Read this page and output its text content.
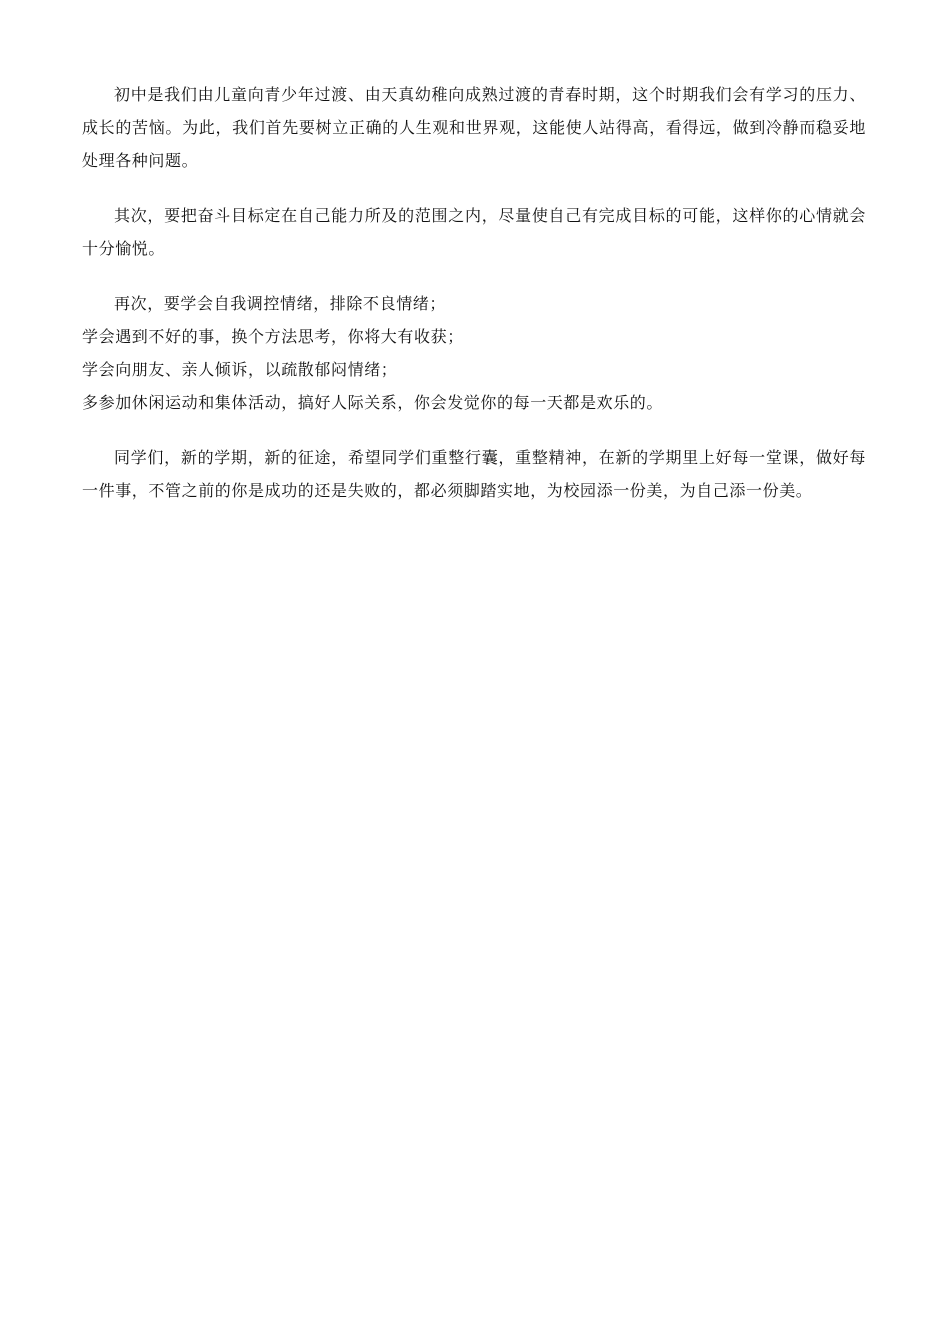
初中是我们由儿童向青少年过渡、由天真幼稚向成熟过渡的青春时期，这个时期我们会有学习的压力、成长的苦恼。为此，我们首先要树立正确的人生观和世界观，这能使人站得高，看得远，做到冷静而稳妥地处理各种问题。

其次，要把奋斗目标定在自己能力所及的范围之内，尽量使自己有完成目标的可能，这样你的心情就会十分愉悦。

再次，要学会自我调控情绪，排除不良情绪；

学会遇到不好的事，换个方法思考，你将大有收获；

学会向朋友、亲人倾诉，以疏散郁闷情绪；

多参加休闲运动和集体活动，搞好人际关系，你会发觉你的每一天都是欢乐的。

同学们，新的学期，新的征途，希望同学们重整行囊，重整精神，在新的学期里上好每一堂课，做好每一件事，不管之前的你是成功的还是失败的，都必须脚踏实地，为校园添一份美，为自己添一份美。
